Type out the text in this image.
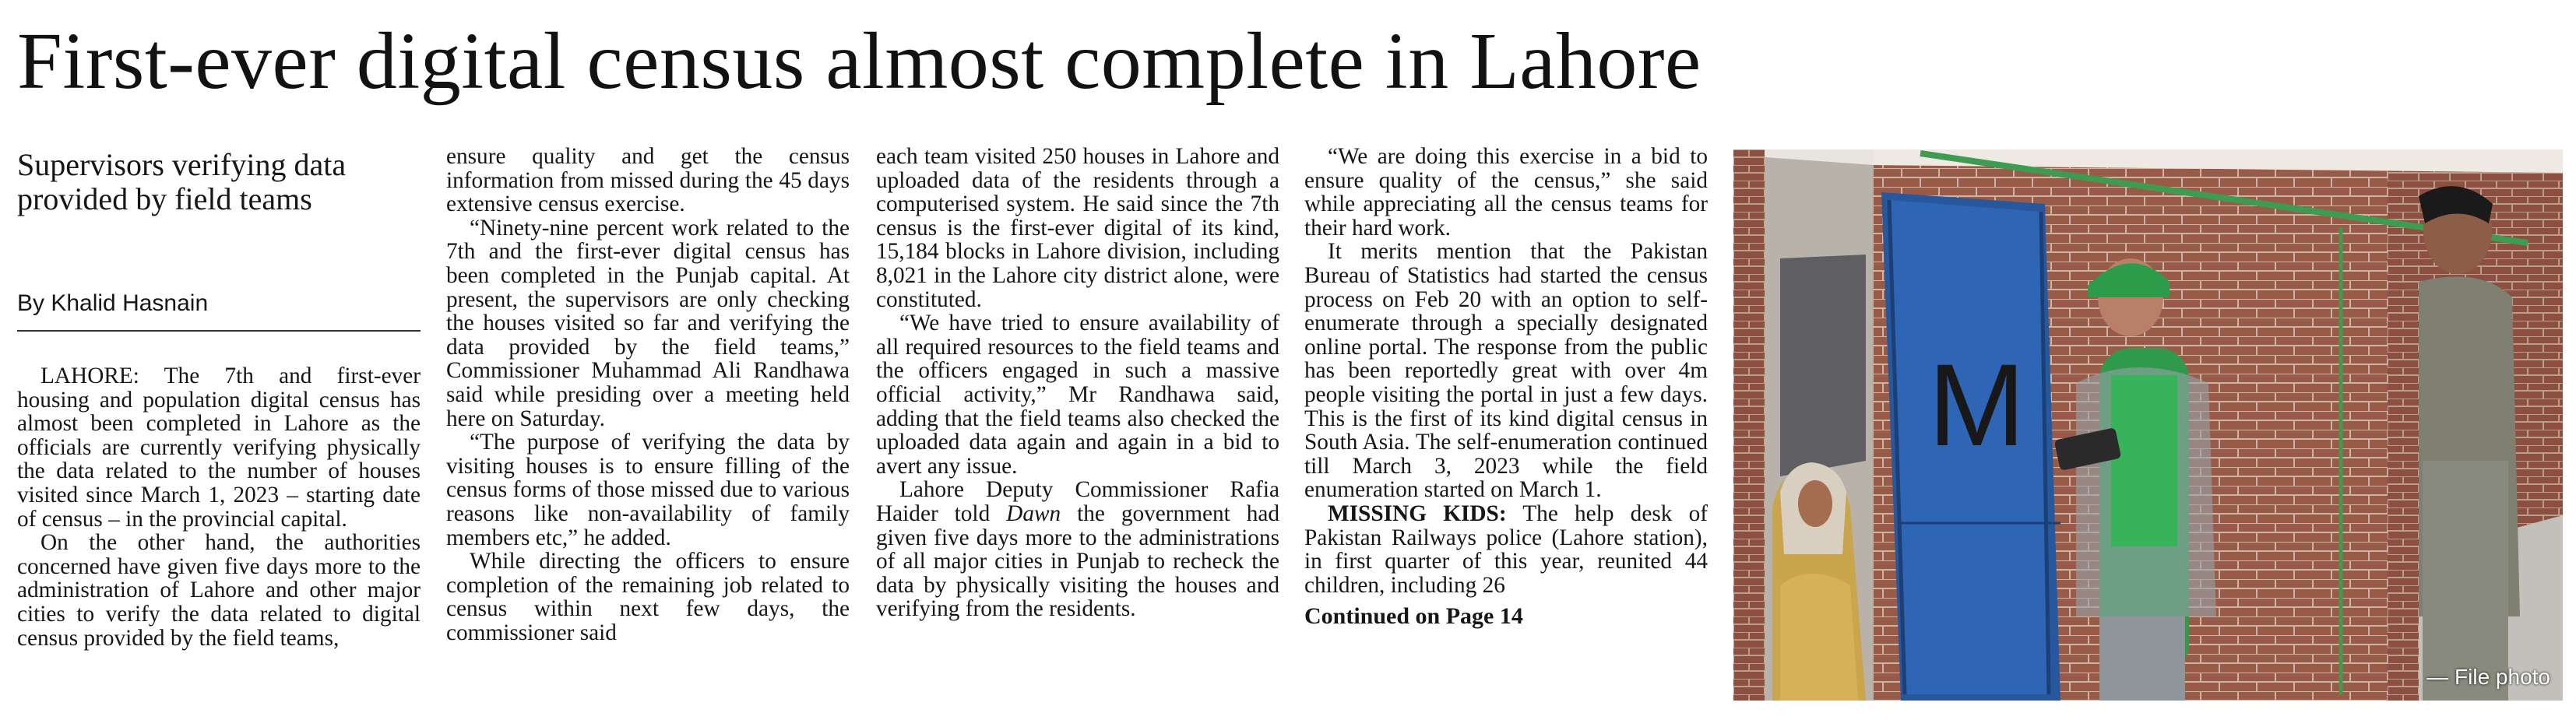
First-ever digital census almost complete in Lahore
Supervisors verifying data provided by field teams
By Khalid Hasnain

LAHORE: The 7th and first-ever housing and population digital census has almost been completed in Lahore as the officials are currently verifying physically the data related to the number of houses visited since March 1, 2023 – starting date of census – in the provincial capital.

On the other hand, the authorities concerned have given five days more to the administration of Lahore and other major cities to verify the data related to digital census provided by the field teams,

ensure quality and get the census information from missed during the 45 days extensive census exercise.

“Ninety-nine percent work related to the 7th and the first-ever digital census has been completed in the Punjab capital. At present, the supervisors are only checking the houses visited so far and verifying the data provided by the field teams,” Commissioner Muhammad Ali Randhawa said while presiding over a meeting held here on Saturday.

“The purpose of verifying the data by visiting houses is to ensure filling of the census forms of those missed due to various reasons like non-availability of family members etc,” he added.

While directing the officers to ensure completion of the remaining job related to census within next few days, the commissioner said

each team visited 250 houses in Lahore and uploaded data of the residents through a computerised system. He said since the 7th census is the first-ever digital of its kind, 15,184 blocks in Lahore division, including 8,021 in the Lahore city district alone, were constituted.

“We have tried to ensure availability of all required resources to the field teams and the officers engaged in such a massive official activity,” Mr Randhawa said, adding that the field teams also checked the uploaded data again and again in a bid to avert any issue.

Lahore Deputy Commissioner Rafia Haider told Dawn the government had given five days more to the administrations of all major cities in Punjab to recheck the data by physically visiting the houses and verifying from the residents.

“We are doing this exercise in a bid to ensure quality of the census,” she said while appreciating all the census teams for their hard work.

It merits mention that the Pakistan Bureau of Statistics had started the census process on Feb 20 with an option to self-enumerate through a specially designated online portal. The response from the public has been reportedly great with over 4m people visiting the portal in just a few days. This is the first of its kind digital census in South Asia. The self-enumeration continued till March 3, 2023 while the field enumeration started on March 1.

MISSING KIDS: The help desk of Pakistan Railways police (Lahore station), in first quarter of this year, reunited 44 children, including 26

Continued on Page 14

M
— File photo
